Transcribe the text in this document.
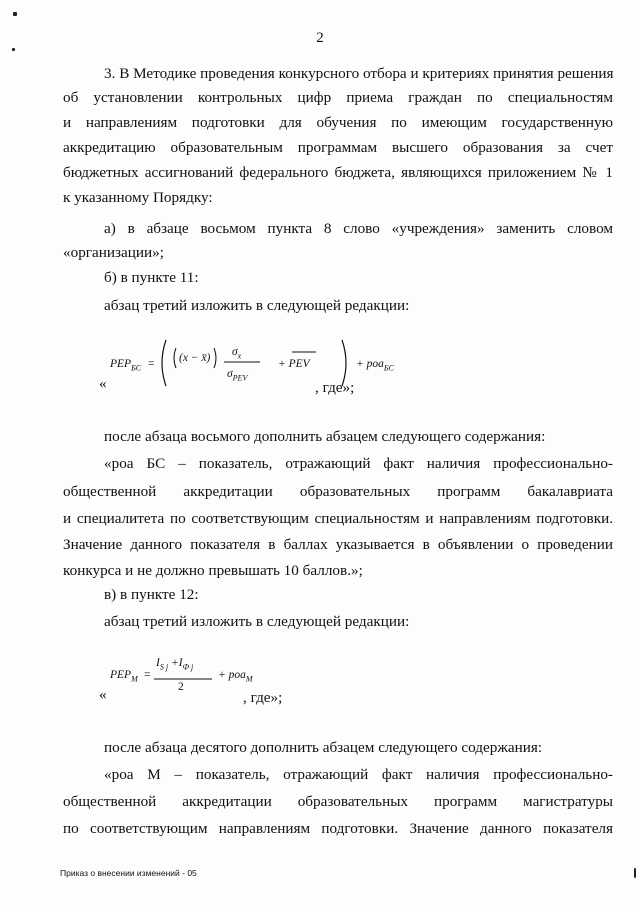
2
3. В Методике проведения конкурсного отбора и критериях принятия решения
об установлении контрольных цифр приема граждан по специальностям
и направлениям подготовки для обучения по имеющим государственную
аккредитацию образовательным программам высшего образования за счет
бюджетных ассигнований федерального бюджета, являющихся приложением № 1
к указанному Порядку:
а) в абзаце восьмом пункта 8 слово «учреждения» заменить словом
«организации»;
б) в пункте 11:
абзац третий изложить в следующей редакции:
«
$PEP_{БС} = (x$ − x̄) $\sigma_x$
$\sigma_{PEV}$
+ PEV	+ роа$_{БС}$
, где»;
после абзаца восьмого дополнить абзацем следующего содержания:
«роа БС – показатель, отражающий факт наличия профессионально-
общественной аккредитации образовательных программ бакалавриата
и специалитета по соответствующим специальностям и направлениям подготовки.
Значение данного показателя в баллах указывается в объявлении о проведении
конкурса и не должно превышать 10 баллов.»;
в) в пункте 12:
абзац третий изложить в следующей редакции:
«
$PEP_М$ =
$I_{S j} +I_{Ф j}$
2
+ роа$_М$
, где»;
после абзаца десятого дополнить абзацем следующего содержания:
«роа М – показатель, отражающий факт наличия профессионально-
общественной аккредитации образовательных программ магистратуры
по соответствующим направлениям подготовки. Значение данного показателя
Приказ о внесении изменений - 05
